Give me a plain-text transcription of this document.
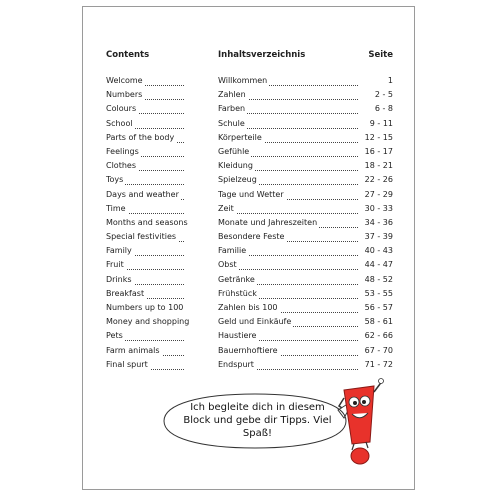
Contents	Inhaltsverzeichnis	Seite
Welcome	Willkommen	1
Numbers	Zahlen	2 - 5
Colours	Farben	6 - 8
School	Schule	9 - 11
Parts of the body	Körperteile	12 - 15
Feelings	Gefühle	16 - 17
Clothes	Kleidung	18 - 21
Toys	Spielzeug	22 - 26
Days and weather	Tage und Wetter	27 - 29
Time	Zeit	30 - 33
Months and seasons	Monate und Jahreszeiten	34 - 36
Special festivities	Besondere Feste	37 - 39
Family	Familie	40 - 43
Fruit	Obst	44 - 47
Drinks	Getränke	48 - 52
Breakfast	Frühstück	53 - 55
Numbers up to 100	Zahlen bis 100	56 - 57
Money and shopping	Geld und Einkäufe	58 - 61
Pets	Haustiere	62 - 66
Farm animals	Bauernhoftiere	67 - 70
Final spurt	Endspurt	71 - 72
Ich begleite dich in diesem Block und gebe dir Tipps. Viel Spaß!
